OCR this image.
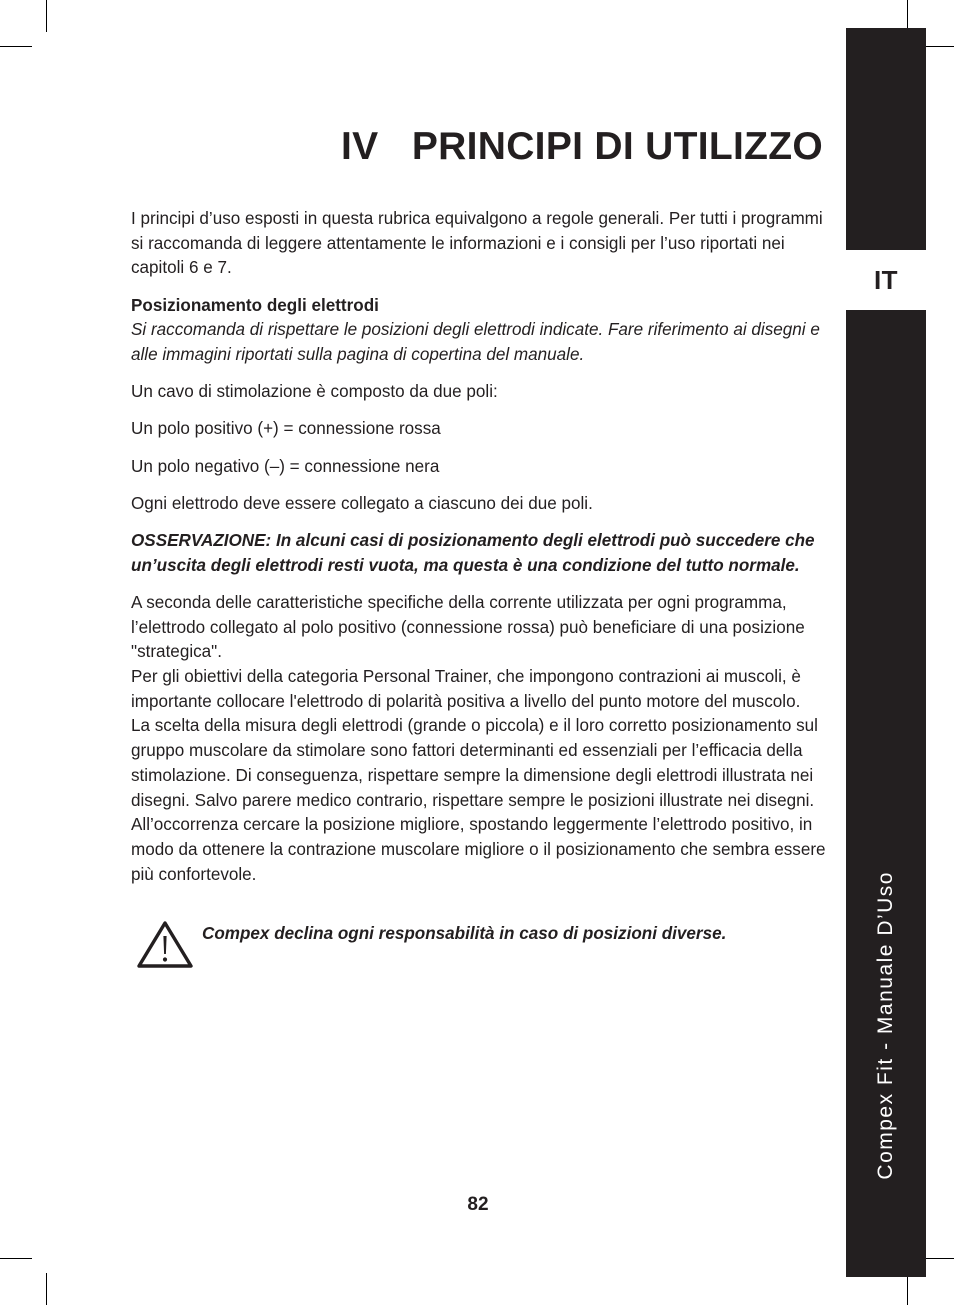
IT
Compex Fit - Manuale D’Uso
IV   PRINCIPI DI UTILIZZO

I principi d’uso esposti in questa rubrica equivalgono a regole generali. Per tutti i programmi si raccomanda di leggere attentamente le informazioni e i consigli per l’uso riportati nei capitoli 6 e 7.

Posizionamento degli elettrodi
Si raccomanda di rispettare le posizioni degli elettrodi indicate. Fare riferimento ai disegni e alle immagini riportati sulla pagina di copertina del manuale.

Un cavo di stimolazione è composto da due poli:

Un polo positivo (+) = connessione rossa

Un polo negativo (–) = connessione nera

Ogni elettrodo deve essere collegato a ciascuno dei due poli.

OSSERVAZIONE: In alcuni casi di posizionamento degli elettrodi può succedere che un’uscita degli elettrodi resti vuota, ma questa è una condizione del tutto normale.

A seconda delle caratteristiche specifiche della corrente utilizzata per ogni programma, l’elettrodo collegato al polo positivo (connessione rossa) può beneficiare di una posizione "strategica".
Per gli obiettivi della categoria Personal Trainer, che impongono contrazioni ai muscoli, è importante collocare l'elettrodo di polarità positiva a livello del punto motore del muscolo.
La scelta della misura degli elettrodi (grande o piccola) e il loro corretto posizionamento sul gruppo muscolare da stimolare sono fattori determinanti ed essenziali per l’efficacia della stimolazione. Di conseguenza, rispettare sempre la dimensione degli elettrodi illustrata nei disegni. Salvo parere medico contrario, rispettare sempre le posizioni illustrate nei disegni. All’occorrenza cercare la posizione migliore, spostando leggermente l’elettrodo positivo, in modo da ottenere la contrazione muscolare migliore o il posizionamento che sembra essere più confortevole.

Compex declina ogni responsabilità in caso di posizioni diverse.
82
